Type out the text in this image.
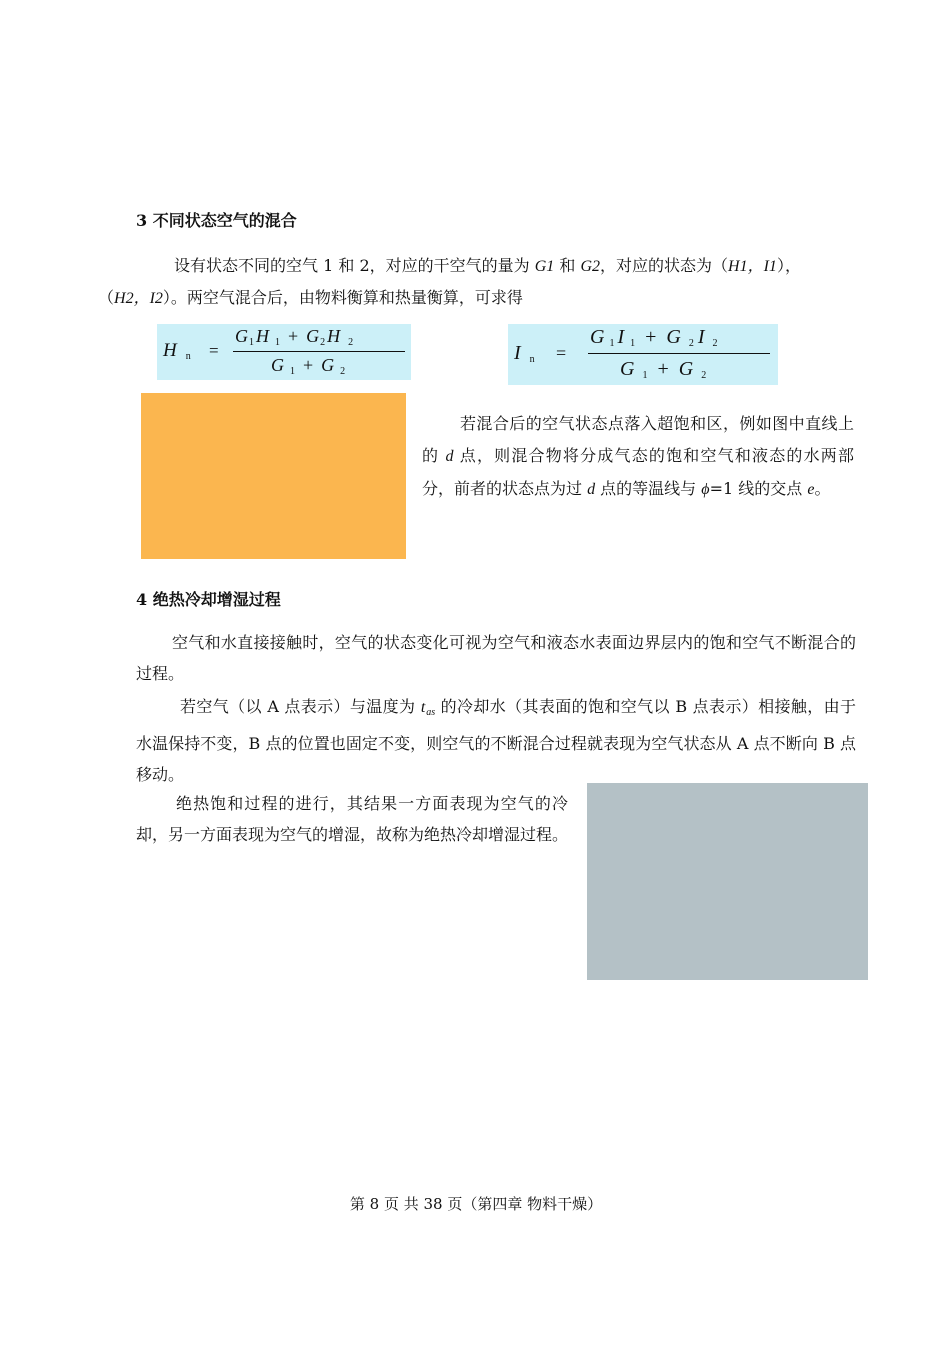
3 不同状态空气的混合
设有状态不同的空气 1 和 2，对应的干空气的量为 G1 和 G2，对应的状态为（H1，I1），
（H2，I2）。两空气混合后，由物料衡算和热量衡算，可求得
H $_n$ =
$G_1$ H $_1 + G_2$ H $_2$
G $_1$ + G $_2$
I $_n$ =
G $_1$ I $_1$ + G $_2$ I $_2$
G $_1$ + G $_2$
若混合后的空气状态点落入超饱和区，例如图中直线上的 d 点，则混合物将分成气态的饱和空气和液态的水两部分，前者的状态点为过 d 点的等温线与 ϕ=1 线的交点 e。
4 绝热冷却增湿过程
空气和水直接接触时，空气的状态变化可视为空气和液态水表面边界层内的饱和空气不断混合的过程。
若空气（以 A 点表示）与温度为 $t_{as}$ 的冷却水（其表面的饱和空气以 B 点表示）相接触，由于水温保持不变，B 点的位置也固定不变，则空气的不断混合过程就表现为空气状态从 A 点不断向 B 点移动。
绝热饱和过程的进行，其结果一方面表现为空气的冷却，另一方面表现为空气的增湿，故称为绝热冷却增湿过程。
第 8 页 共 38 页（第四章 物料干燥）
